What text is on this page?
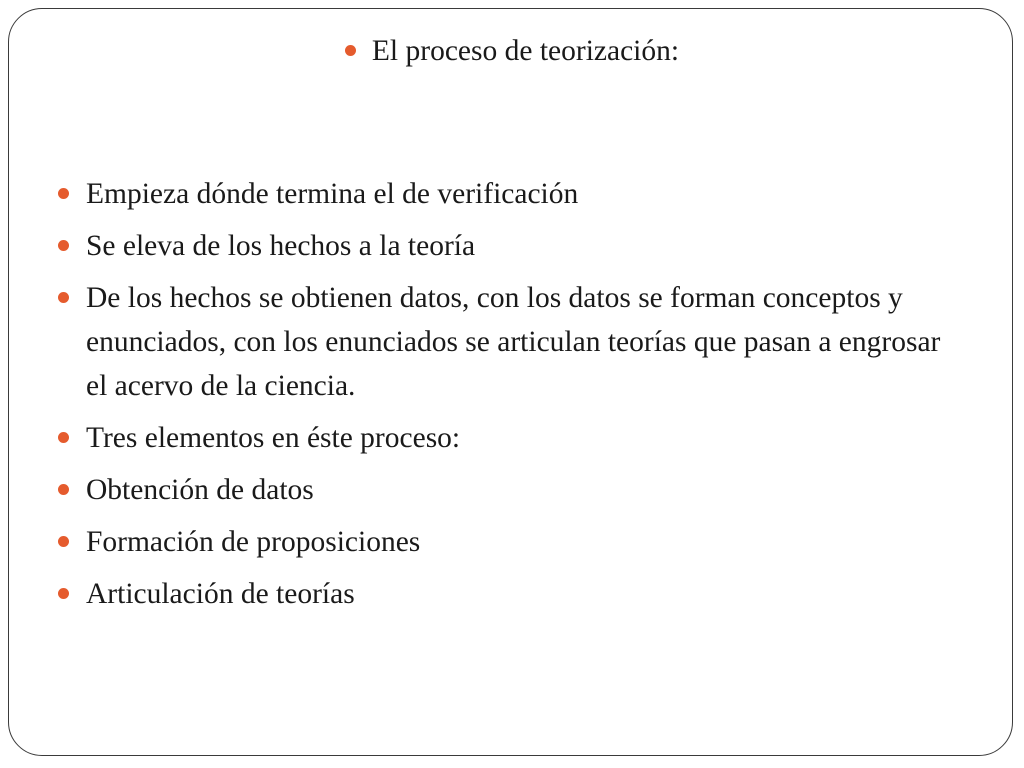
El proceso de teorización:
Empieza dónde termina el de verificación
Se eleva de los hechos a la teoría
De los hechos se obtienen datos, con los datos se forman conceptos y enunciados, con los enunciados se articulan teorías que pasan a engrosar el acervo de la ciencia.
Tres elementos en éste proceso:
Obtención de datos
Formación de proposiciones
Articulación de teorías
